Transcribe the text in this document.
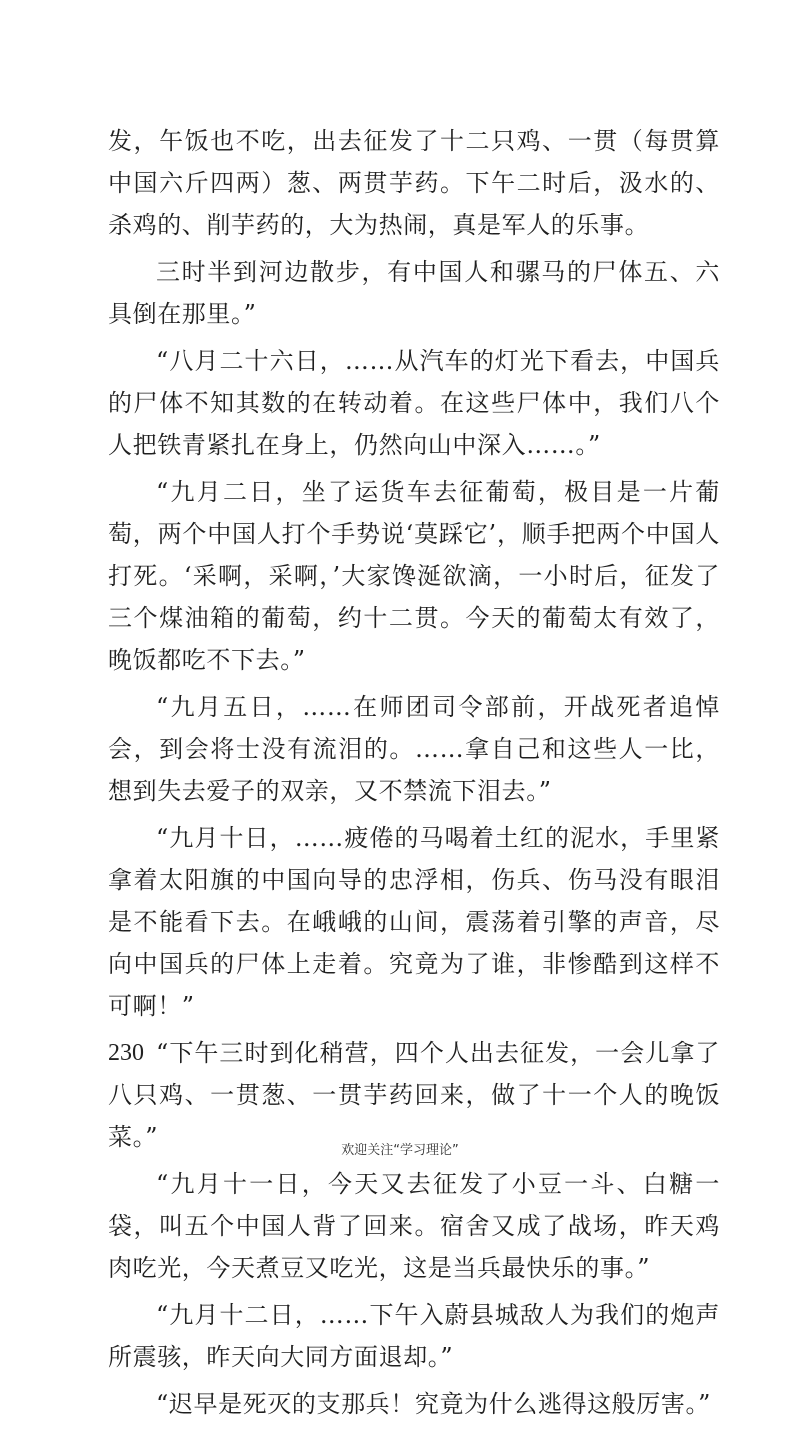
发，午饭也不吃，出去征发了十二只鸡、一贯（每贯算中国六斤四两）葱、两贯芋药。下午二时后，汲水的、杀鸡的、削芋药的，大为热闹，真是军人的乐事。

三时半到河边散步，有中国人和骡马的尸体五、六具倒在那里。”

“八月二十六日，……从汽车的灯光下看去，中国兵的尸体不知其数的在转动着。在这些尸体中，我们八个人把铁青紧扎在身上，仍然向山中深入……。”

“九月二日，坐了运货车去征葡萄，极目是一片葡萄，两个中国人打个手势说‘莫踩它’，顺手把两个中国人打死。‘采啊，采啊，’大家馋涎欲滴，一小时后，征发了三个煤油箱的葡萄，约十二贯。今天的葡萄太有效了，晚饭都吃不下去。”

“九月五日，……在师团司令部前，开战死者追悼会，到会将士没有流泪的。……拿自己和这些人一比，想到失去爱子的双亲，又不禁流下泪去。”

“九月十日，……疲倦的马喝着土红的泥水，手里紧拿着太阳旗的中国向导的忠浮相，伤兵、伤马没有眼泪是不能看下去。在峨峨的山间，震荡着引擎的声音，尽向中国兵的尸体上走着。究竟为了谁，非惨酷到这样不可啊！”

“下午三时到化稍营，四个人出去征发，一会儿拿了八只鸡、一贯葱、一贯芋药回来，做了十一个人的晚饭菜。”

“九月十一日，今天又去征发了小豆一斗、白糖一袋，叫五个中国人背了回来。宿舍又成了战场，昨天鸡肉吃光，今天煮豆又吃光，这是当兵最快乐的事。”

“九月十二日，……下午入蔚县城敌人为我们的炮声所震骇，昨天向大同方面退却。”

“迟早是死灭的支那兵！究竟为什么逃得这般厉害。”

230
欢迎关注“学习理论”
